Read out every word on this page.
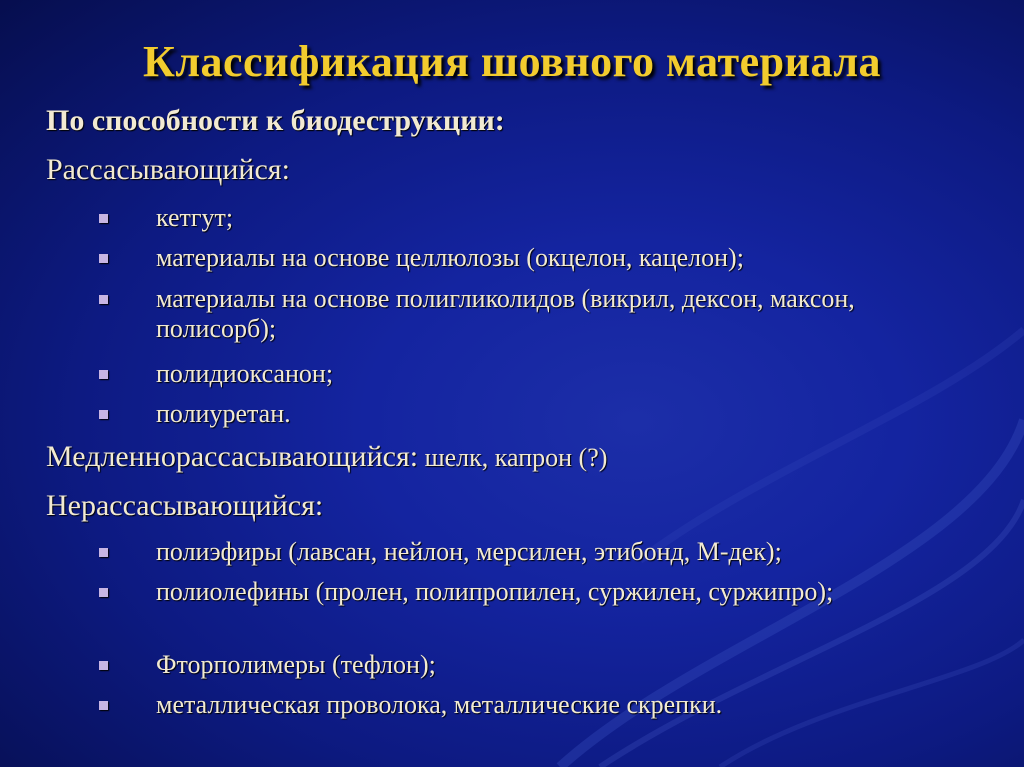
Классификация шовного материала
По способности к биодеструкции:
Рассасывающийся:
кетгут;
материалы на основе целлюлозы (окцелон, кацелон);
материалы на основе полигликолидов (викрил, дексон, максон, полисорб);
полидиоксанон;
полиуретан.
Медленнорассасывающийся: шелк, капрон (?)
Нерассасывающийся:
полиэфиры (лавсан, нейлон, мерсилен, этибонд, М-дек);
полиолефины (пролен, полипропилен, суржилен, суржипро);
Фторполимеры (тефлон);
металлическая проволока, металлические скрепки.
